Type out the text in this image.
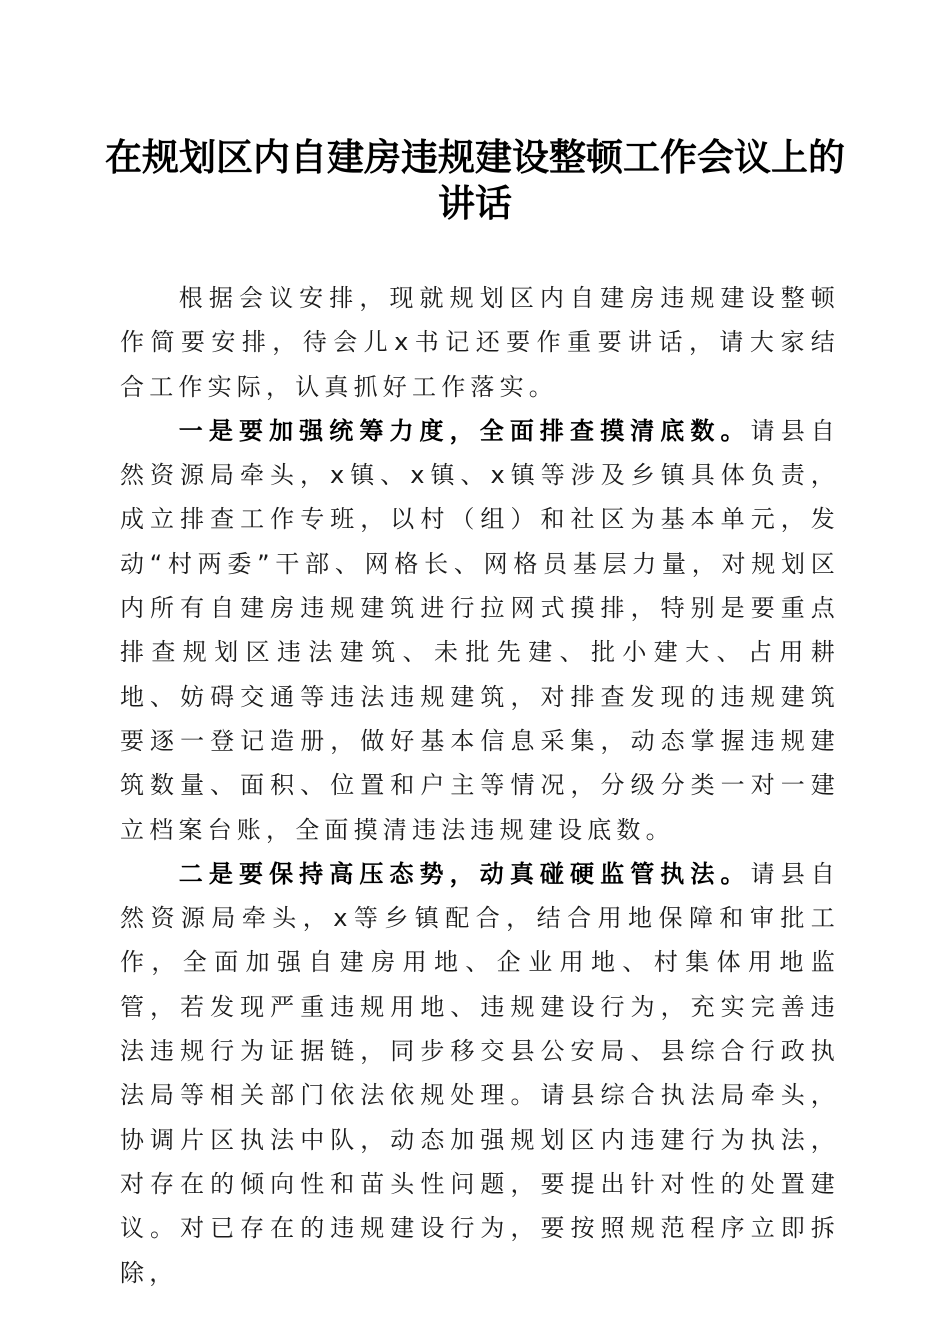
在规划区内自建房违规建设整顿工作会议上的
讲话

根据会议安排，现就规划区内自建房违规建设整顿作简要安排，待会儿x书记还要作重要讲话，请大家结合工作实际，认真抓好工作落实。

一是要加强统筹力度，全面排查摸清底数。请县自然资源局牵头，x镇、x镇、x镇等涉及乡镇具体负责，成立排查工作专班，以村（组）和社区为基本单元，发动“村两委”干部、网格长、网格员基层力量，对规划区内所有自建房违规建筑进行拉网式摸排，特别是要重点排查规划区违法建筑、未批先建、批小建大、占用耕地、妨碍交通等违法违规建筑，对排查发现的违规建筑要逐一登记造册，做好基本信息采集，动态掌握违规建筑数量、面积、位置和户主等情况，分级分类一对一建立档案台账，全面摸清违法违规建设底数。

二是要保持高压态势，动真碰硬监管执法。请县自然资源局牵头，x等乡镇配合，结合用地保障和审批工作，全面加强自建房用地、企业用地、村集体用地监管，若发现严重违规用地、违规建设行为，充实完善违法违规行为证据链，同步移交县公安局、县综合行政执法局等相关部门依法依规处理。请县综合执法局牵头，协调片区执法中队，动态加强规划区内违建行为执法，对存在的倾向性和苗头性问题，要提出针对性的处置建议。对已存在的违规建设行为，要按照规范程序立即拆除，
